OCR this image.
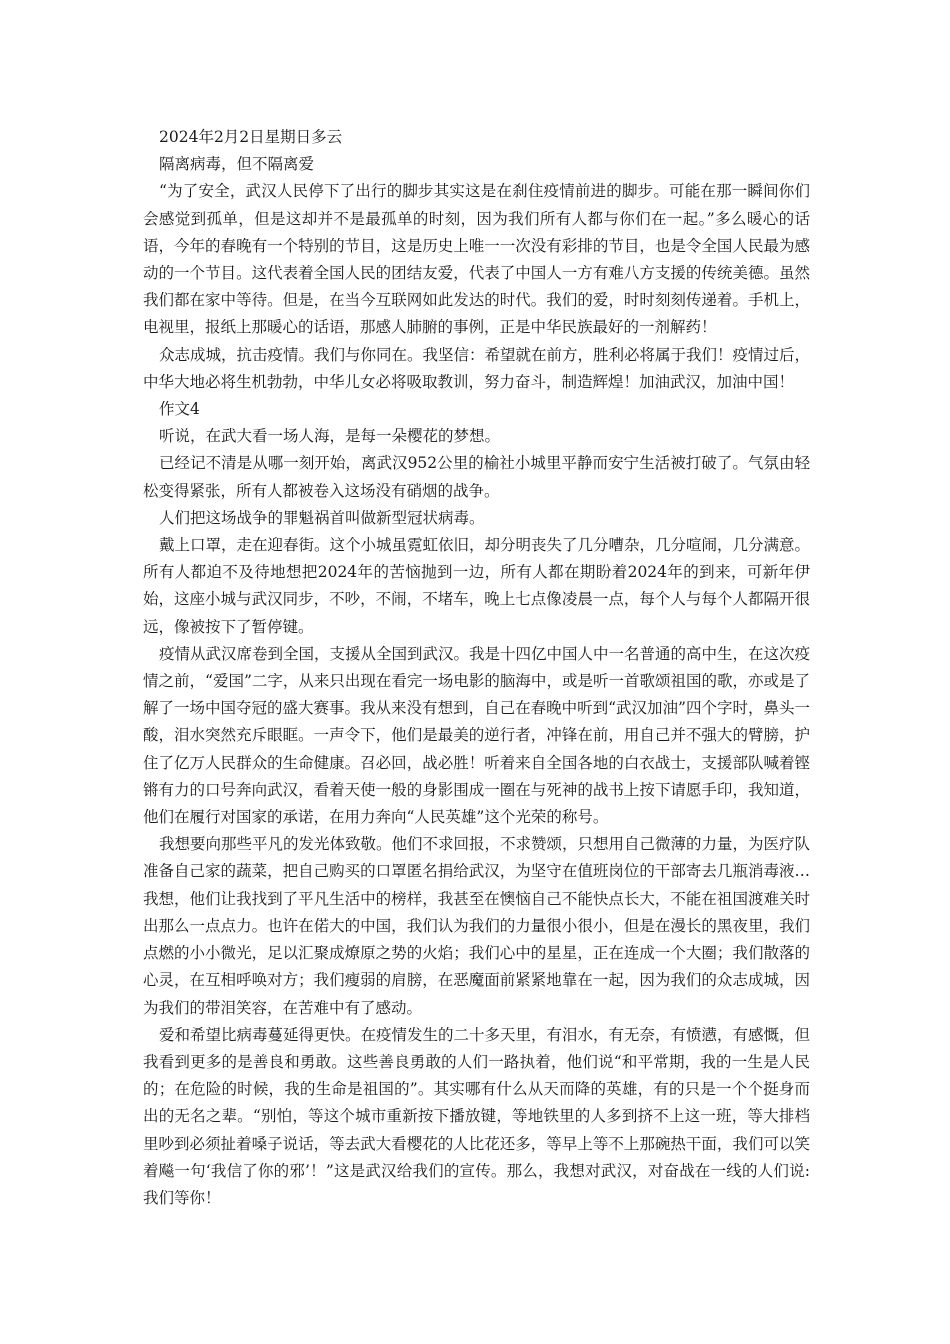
2024年2月2日星期日多云

隔离病毒，但不隔离爱

“为了安全，武汉人民停下了出行的脚步其实这是在刹住疫情前进的脚步。可能在那一瞬间你们会感觉到孤单，但是这却并不是最孤单的时刻，因为我们所有人都与你们在一起。”多么暖心的话语，今年的春晚有一个特别的节目，这是历史上唯一一次没有彩排的节目，也是令全国人民最为感动的一个节目。这代表着全国人民的团结友爱，代表了中国人一方有难八方支援的传统美德。虽然我们都在家中等待。但是，在当今互联网如此发达的时代。我们的爱，时时刻刻传递着。手机上，电视里，报纸上那暖心的话语，那感人肺腑的事例，正是中华民族最好的一剂解药！

众志成城，抗击疫情。我们与你同在。我坚信：希望就在前方，胜利必将属于我们！疫情过后，中华大地必将生机勃勃，中华儿女必将吸取教训，努力奋斗，制造辉煌！加油武汉，加油中国！

作文4

听说，在武大看一场人海，是每一朵樱花的梦想。

已经记不清是从哪一刻开始，离武汉952公里的榆社小城里平静而安宁生活被打破了。气氛由轻松变得紧张，所有人都被卷入这场没有硝烟的战争。

人们把这场战争的罪魁祸首叫做新型冠状病毒。

戴上口罩，走在迎春街。这个小城虽霓虹依旧，却分明丧失了几分嘈杂，几分喧闹，几分满意。所有人都迫不及待地想把2024年的苦恼抛到一边，所有人都在期盼着2024年的到来，可新年伊始，这座小城与武汉同步，不吵，不闹，不堵车，晚上七点像凌晨一点，每个人与每个人都隔开很远，像被按下了暂停键。

疫情从武汉席卷到全国，支援从全国到武汉。我是十四亿中国人中一名普通的高中生，在这次疫情之前，“爱国”二字，从来只出现在看完一场电影的脑海中，或是听一首歌颂祖国的歌，亦或是了解了一场中国夺冠的盛大赛事。我从来没有想到，自己在春晚中听到“武汉加油”四个字时，鼻头一酸，泪水突然充斥眼眶。一声令下，他们是最美的逆行者，冲锋在前，用自己并不强大的臂膀，护住了亿万人民群众的生命健康。召必回，战必胜！听着来自全国各地的白衣战士，支援部队喊着铿锵有力的口号奔向武汉，看着天使一般的身影围成一圈在与死神的战书上按下请愿手印，我知道，他们在履行对国家的承诺，在用力奔向“人民英雄”这个光荣的称号。

我想要向那些平凡的发光体致敬。他们不求回报，不求赞颂，只想用自己微薄的力量，为医疗队准备自己家的蔬菜，把自己购买的口罩匿名捐给武汉，为坚守在值班岗位的干部寄去几瓶消毒液…我想，他们让我找到了平凡生活中的榜样，我甚至在懊恼自己不能快点长大，不能在祖国渡难关时出那么一点点力。也许在偌大的中国，我们认为我们的力量很小很小，但是在漫长的黑夜里，我们点燃的小小微光，足以汇聚成燎原之势的火焰；我们心中的星星，正在连成一个大圈；我们散落的心灵，在互相呼唤对方；我们瘦弱的肩膀，在恶魔面前紧紧地靠在一起，因为我们的众志成城，因为我们的带泪笑容，在苦难中有了感动。

爱和希望比病毒蔓延得更快。在疫情发生的二十多天里，有泪水，有无奈，有愤懑，有感慨，但我看到更多的是善良和勇敢。这些善良勇敢的人们一路执着，他们说“和平常期，我的一生是人民的；在危险的时候，我的生命是祖国的”。其实哪有什么从天而降的英雄，有的只是一个个挺身而出的无名之辈。“别怕，等这个城市重新按下播放键，等地铁里的人多到挤不上这一班，等大排档里吵到必须扯着嗓子说话，等去武大看樱花的人比花还多，等早上等不上那碗热干面，我们可以笑着飚一句‘我信了你的邪’！”这是武汉给我们的宣传。那么，我想对武汉，对奋战在一线的人们说:我们等你！
